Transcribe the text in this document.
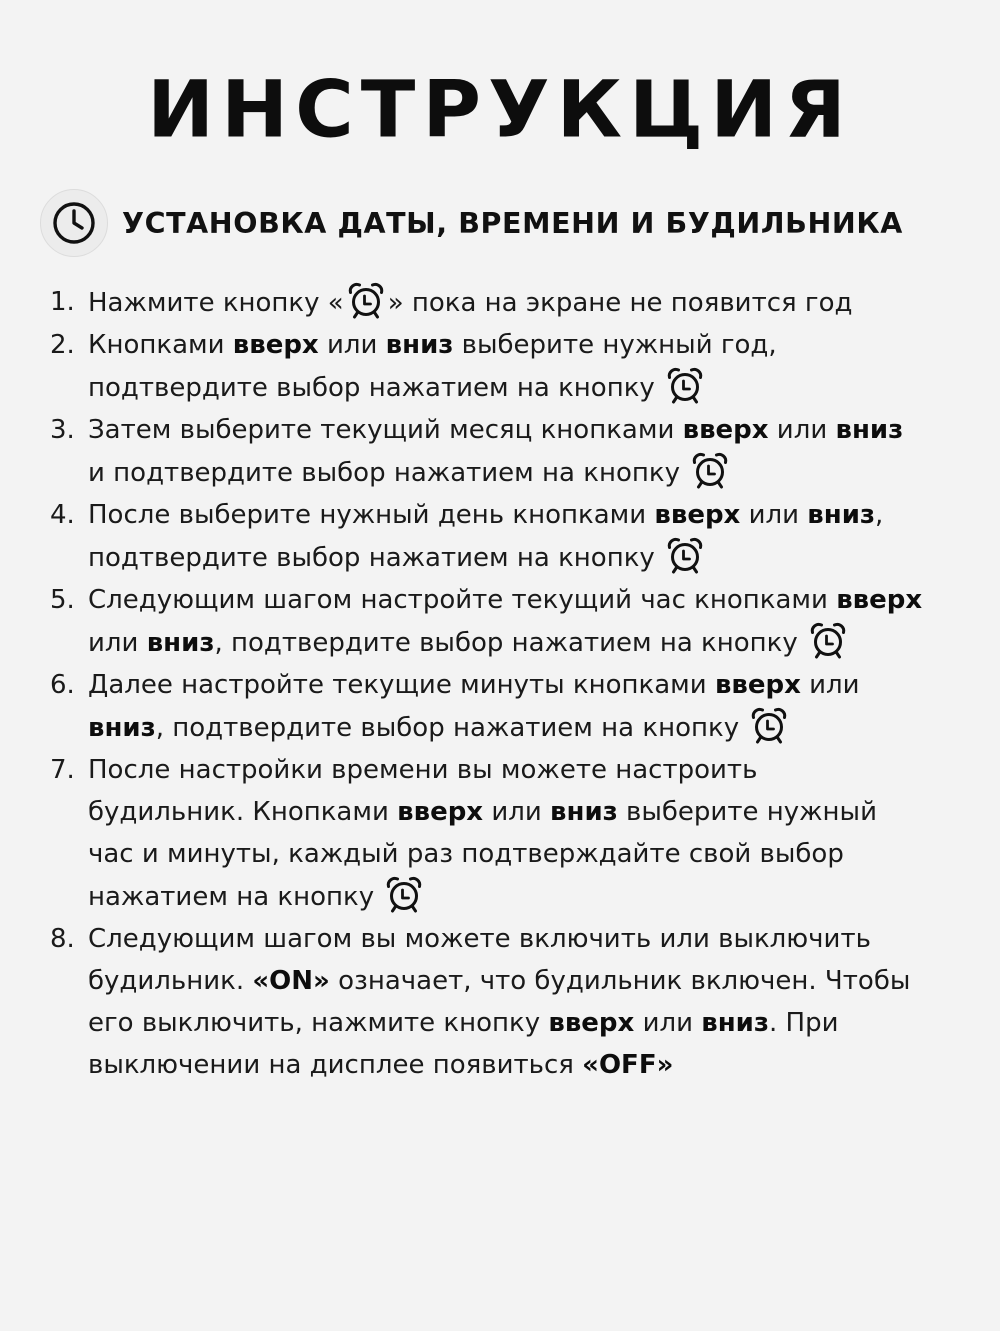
ИНСТРУКЦИЯ
УСТАНОВКА ДАТЫ, ВРЕМЕНИ И БУДИЛЬНИКА
1. Нажмите кнопку « » пока на экране не появится год
2. Кнопками вверх или вниз выберите нужный год,
подтвердите выбор нажатием на кнопку
3. Затем выберите текущий месяц кнопками вверх или вниз
и подтвердите выбор нажатием на кнопку
4. После выберите нужный день кнопками вверх или вниз,
подтвердите выбор нажатием на кнопку
5. Следующим шагом настройте текущий час кнопками вверх
или вниз, подтвердите выбор нажатием на кнопку
6. Далее настройте текущие минуты кнопками вверх или
вниз, подтвердите выбор нажатием на кнопку
7. После настройки времени вы можете настроить
будильник. Кнопками вверх или вниз выберите нужный
час и минуты, каждый раз подтверждайте свой выбор
нажатием на кнопку
8. Следующим шагом вы можете включить или выключить
будильник. «ON» означает, что будильник включен. Чтобы
его выключить, нажмите кнопку вверх или вниз. При
выключении на дисплее появиться «OFF»
